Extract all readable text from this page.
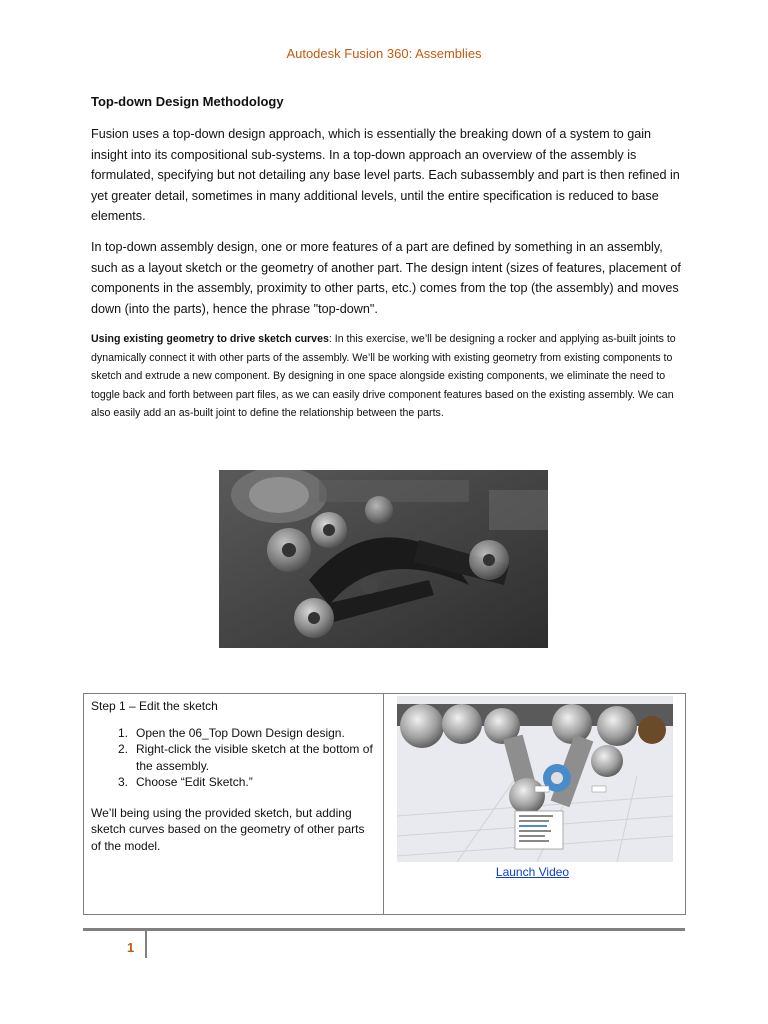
Autodesk Fusion 360: Assemblies
Top-down Design Methodology
Fusion uses a top-down design approach, which is essentially the breaking down of a system to gain insight into its compositional sub-systems. In a top-down approach an overview of the assembly is formulated, specifying but not detailing any base level parts. Each subassembly and part is then refined in yet greater detail, sometimes in many additional levels, until the entire specification is reduced to base elements.
In top-down assembly design, one or more features of a part are defined by something in an assembly, such as a layout sketch or the geometry of another part. The design intent (sizes of features, placement of components in the assembly, proximity to other parts, etc.) comes from the top (the assembly) and moves down (into the parts), hence the phrase "top-down".
Using existing geometry to drive sketch curves: In this exercise, we’ll be designing a rocker and applying as-built joints to dynamically connect it with other parts of the assembly. We’ll be working with existing geometry from existing components to sketch and extrude a new component. By designing in one space alongside existing components, we eliminate the need to toggle back and forth between part files, as we can easily drive component features based on the existing assembly. We can also easily add an as-built joint to define the relationship between the parts.
Step 1 – Edit the sketch
1. Open the 06_Top Down Design design.
2. Right-click the visible sketch at the bottom of the assembly.
3. Choose “Edit Sketch.”
We’ll being using the provided sketch, but adding sketch curves based on the geometry of other parts of the model.

Launch Video
1
